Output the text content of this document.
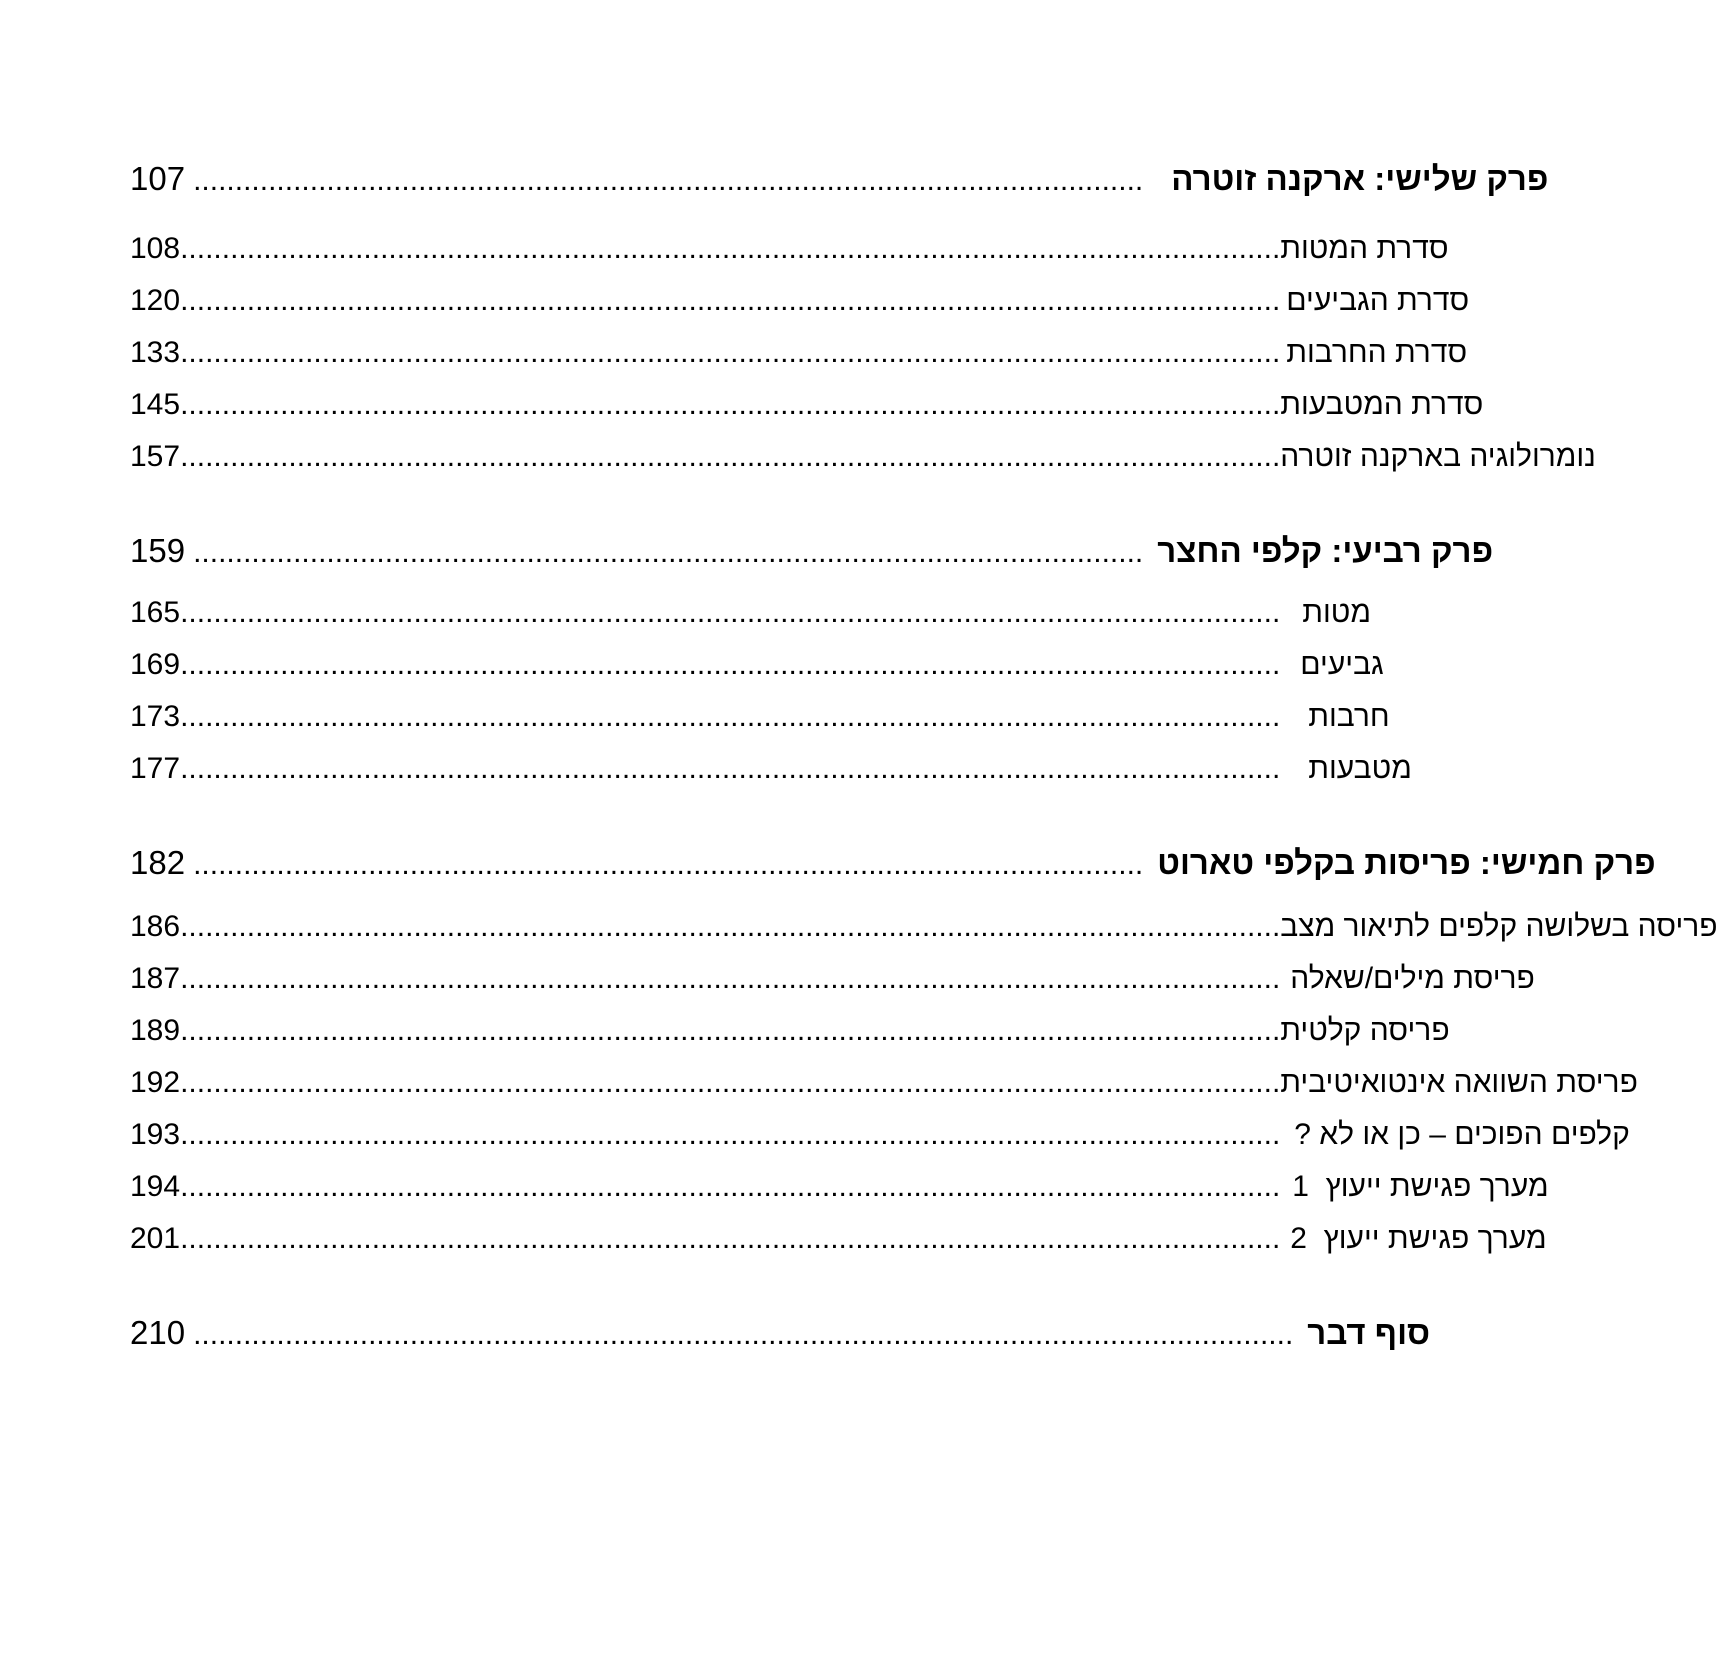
107 .................................................................................................................. פרק שלישי: ארקנה זוטרה
108 .................................................................................................................................... סדרת המטות
120 .................................................................................................................................... סדרת הגביעים
133 .................................................................................................................................... סדרת החרבות
145 .................................................................................................................................... סדרת המטבעות
157 .................................................................................................................................... נומרולוגיה בארקנה זוטרה
159 .................................................................................................................. פרק רביעי: קלפי החצר
165 .................................................................................................................................... מטות
169 .................................................................................................................................... גביעים
173 .................................................................................................................................... חרבות
177 .................................................................................................................................... מטבעות
182 .................................................................................................................. פרק חמישי: פריסות בקלפי טארוט
186 .................................................................................................................................... פריסה בשלושה קלפים לתיאור מצב
187 .................................................................................................................................... פריסת מילים/שאלה
189 .................................................................................................................................... פריסה קלטית
192 .................................................................................................................................... פריסת השוואה אינטואיטיבית
193 .................................................................................................................................... קלפים הפוכים – כן או לא ?
194 .................................................................................................................................... מערך פגישת ייעוץ  1
201 .................................................................................................................................... מערך פגישת ייעוץ  2
210 .................................................................................................................................... סוף דבר
